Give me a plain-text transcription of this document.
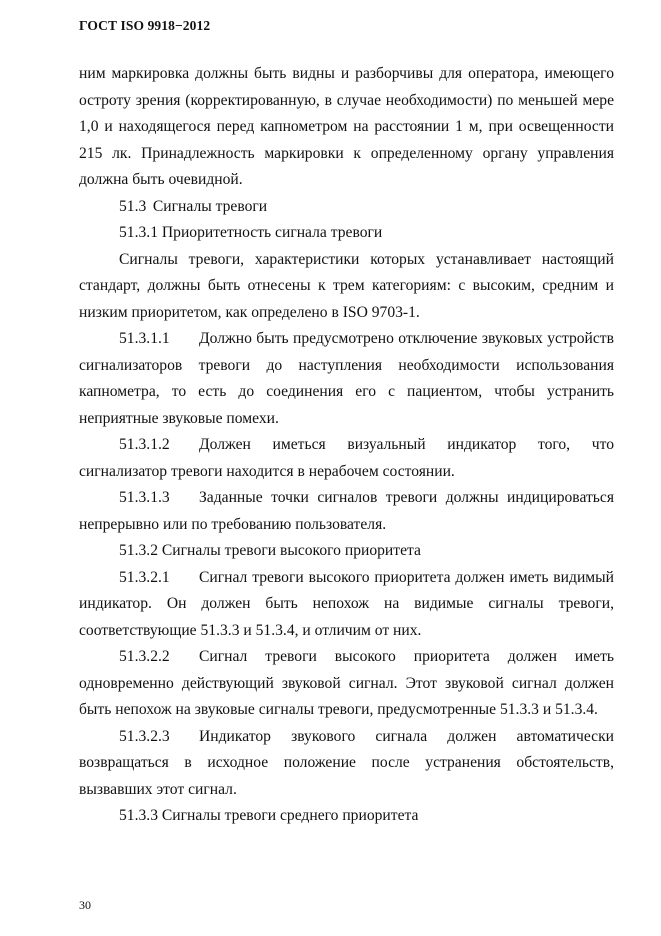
ГОСТ ISO 9918−2012

ним маркировка должны быть видны и разборчивы для оператора, имеющего остроту зрения (корректированную, в случае необходимости) по меньшей мере 1,0 и находящегося перед капнометром на расстоянии 1 м, при освещенности 215 лк. Принадлежность маркировки к определенному органу управления должна быть очевидной.

51.3 Сигналы тревоги

51.3.1 Приоритетность сигнала тревоги

Сигналы тревоги, характеристики которых устанавливает настоящий стандарт, должны быть отнесены к трем категориям: с высоким, средним и низким приоритетом, как определено в ISO 9703-1.

51.3.1.1 Должно быть предусмотрено отключение звуковых устройств сигнализаторов тревоги до наступления необходимости использования капнометра, то есть до соединения его с пациентом, чтобы устранить неприятные звуковые помехи.

51.3.1.2 Должен иметься визуальный индикатор того, что сигнализатор тревоги находится в нерабочем состоянии.

51.3.1.3 Заданные точки сигналов тревоги должны индицироваться непрерывно или по требованию пользователя.

51.3.2 Сигналы тревоги высокого приоритета

51.3.2.1 Сигнал тревоги высокого приоритета должен иметь видимый индикатор. Он должен быть непохож на видимые сигналы тревоги, соответствующие 51.3.3 и 51.3.4, и отличим от них.

51.3.2.2 Сигнал тревоги высокого приоритета должен иметь одновременно действующий звуковой сигнал. Этот звуковой сигнал должен быть непохож на звуковые сигналы тревоги, предусмотренные 51.3.3 и 51.3.4.

51.3.2.3 Индикатор звукового сигнала должен автоматически возвращаться в исходное положение после устранения обстоятельств, вызвавших этот сигнал.

51.3.3 Сигналы тревоги среднего приоритета

30
